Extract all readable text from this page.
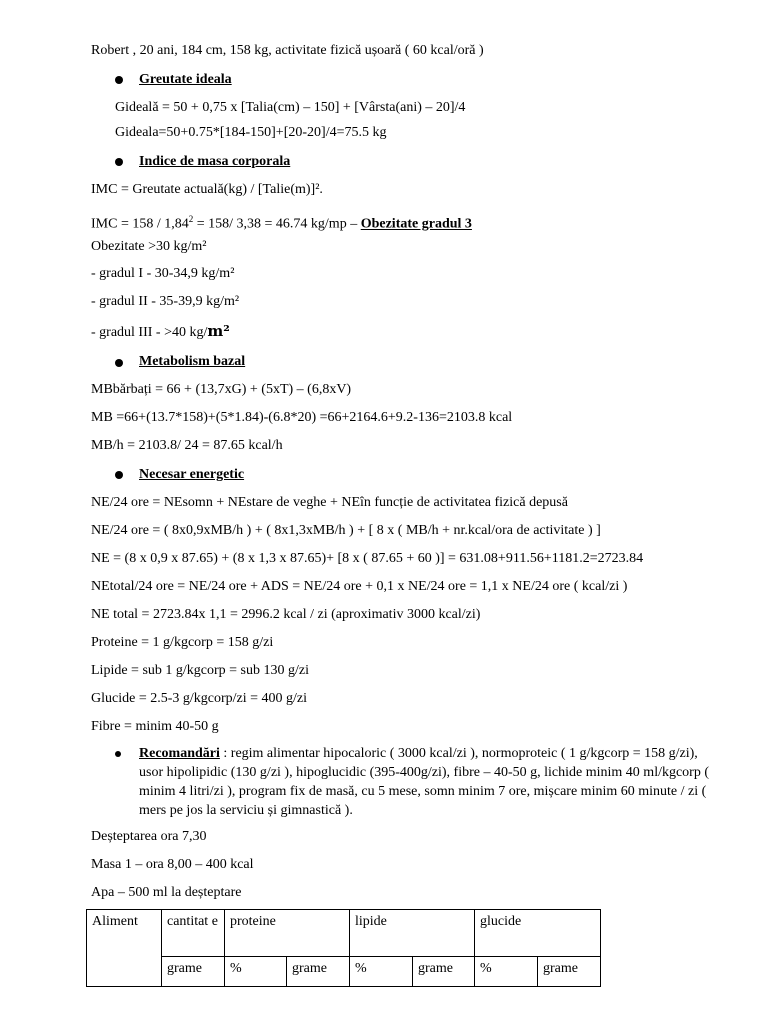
Robert , 20 ani, 184 cm, 158 kg, activitate fizică ușoară ( 60 kcal/oră )
Greutate ideala
Gideală = 50 + 0,75 x [Talia(cm) – 150] + [Vârsta(ani) – 20]/4
Gideala=50+0.75*[184-150]+[20-20]/4=75.5 kg
Indice de masa corporala
IMC = Greutate actuală(kg) / [Talie(m)]².
IMC = $158 / 1,84^2 = 158/$ 3,38 = 46.74 kg/mp – Obezitate gradul 3
Obezitate >30 kg/m²
- gradul I - 30-34,9 kg/m²
- gradul II - 35-39,9 kg/m²
- gradul III - >40 kg/m²
Metabolism bazal
MBbărbați = 66 + (13,7xG) + (5xT) – (6,8xV)
MB =66+(13.7*158)+(5*1.84)-(6.8*20) =66+2164.6+9.2-136=2103.8 kcal
MB/h = 2103.8/ 24 = 87.65 kcal/h
Necesar energetic
NE/24 ore = NEsomn + NEstare de veghe + NEîn funcție de activitatea fizică depusă
NE/24 ore = ( 8x0,9xMB/h ) + ( 8x1,3xMB/h ) + [ 8 x ( MB/h + nr.kcal/ora de activitate ) ]
NE = (8 x 0,9 x 87.65) + (8 x 1,3 x 87.65)+ [8 x ( 87.65 + 60 )] = 631.08+911.56+1181.2=2723.84
NEtotal/24 ore = NE/24 ore + ADS = NE/24 ore + 0,1 x NE/24 ore = 1,1 x NE/24 ore ( kcal/zi )
NE total = 2723.84x 1,1 = 2996.2 kcal / zi (aproximativ 3000 kcal/zi)
Proteine = 1 g/kgcorp = 158 g/zi
Lipide = sub 1 g/kgcorp = sub 130 g/zi
Glucide = 2.5-3 g/kgcorp/zi = 400 g/zi
Fibre = minim 40-50 g
Recomandări : regim alimentar hipocaloric ( 3000 kcal/zi ), normoproteic ( 1 g/kgcorp = 158 g/zi), usor hipolipidic (130 g/zi ), hipoglucidic (395-400g/zi), fibre – 40-50 g, lichide minim 40 ml/kgcorp ( minim 4 litri/zi ), program fix de masă, cu 5 mese, somn minim 7 ore, mișcare minim 60 minute / zi ( mers pe jos la serviciu și gimnastică ).
Deșteptarea ora 7,30
Masa 1 – ora 8,00 – 400 kcal
Apa – 500 ml la deșteptare
Aliment	cantitat e	proteine		lipide		glucide	
	grame	%	grame	%	grame	%	grame
